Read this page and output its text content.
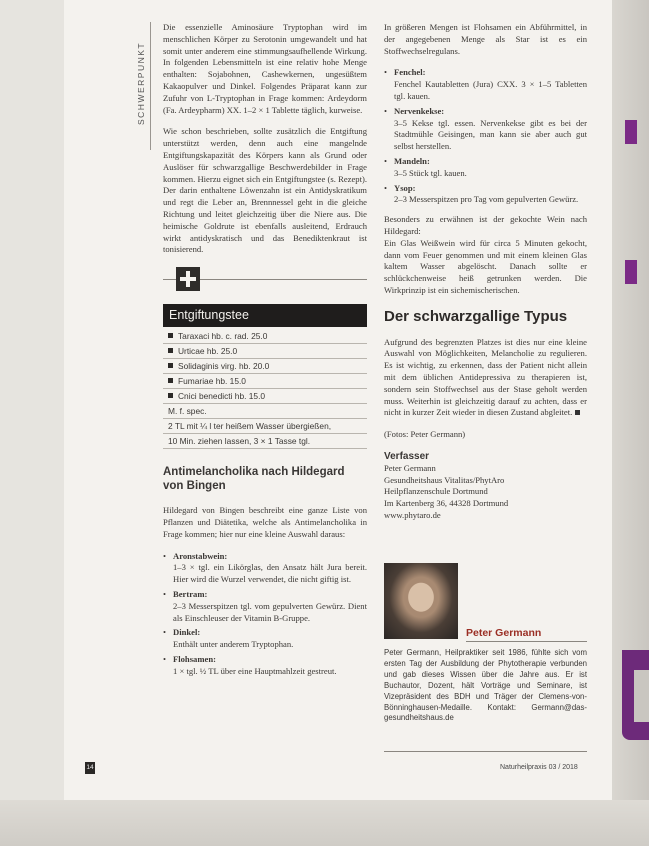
SCHWERPUNKT

Die essenzielle Aminosäure Tryptophan wird im menschlichen Körper zu Serotonin umgewandelt und hat somit unter anderem eine stimmungsaufhellende Wirkung. In folgenden Lebensmitteln ist eine relativ hohe Menge enthalten: Sojabohnen, Cashewkernen, ungesüßtem Kakaopulver und Dinkel. Folgendes Präparat kann zur Zufuhr von L-Tryptophan in Frage kommen: Ardeydorm (Fa. Ardeypharm) XX. 1–2 × 1 Tablette täglich, kurweise.

Wie schon beschrieben, sollte zusätzlich die Entgiftung unterstützt werden, denn auch eine mangelnde Entgiftungskapazität des Körpers kann als Grund oder Auslöser für schwarzgallige Beschwerdebilder in Frage kommen. Hierzu eignet sich ein Entgiftungstee (s. Rezept). Der darin enthaltene Löwenzahn ist ein Antidyskratikum und regt die Leber an, Brennnessel geht in die gleiche Richtung und leitet gleichzeitig über die Niere aus. Die heimische Goldrute ist ebenfalls ausleitend, Erdrauch wirkt antidyskratisch und das Benediktenkraut ist tonisierend.

Entgiftungstee
Taraxaci hb. c. rad. 25.0
Urticae hb. 25.0
Solidaginis virg. hb. 20.0
Fumariae hb. 15.0
Cnici benedicti hb. 15.0
M. f. spec.
2 TL mit ¼ l ter heißem Wasser übergießen,
10 Min. ziehen lassen, 3 × 1 Tasse tgl.
Antimelancholika nach Hildegard von Bingen

Hildegard von Bingen beschreibt eine ganze Liste von Pflanzen und Diätetika, welche als Antimelancholika in Frage kommen; hier nur eine kleine Auswahl daraus:

• Aronstabwein:
1–3 × tgl. ein Likörglas, den Ansatz hält Jura bereit. Hier wird die Wurzel verwendet, die nicht giftig ist.
• Bertram:
2–3 Messerspitzen tgl. vom gepulverten Gewürz. Dient als Einschleuser der Vitamin B-Gruppe.
• Dinkel:
Enthält unter anderem Tryptophan.
• Flohsamen:
1 × tgl. ½ TL über eine Hauptmahlzeit gestreut.

In größeren Mengen ist Flohsamen ein Abführmittel, in der angegebenen Menge als Star ist es ein Stoffwechselregulans.

• Fenchel:
Fenchel Kautabletten (Jura) CXX. 3 × 1–5 Tabletten tgl. kauen.
• Nervenkekse:
3–5 Kekse tgl. essen. Nervenkekse gibt es bei der Stadtmühle Geisingen, man kann sie aber auch gut selbst herstellen.
• Mandeln:
3–5 Stück tgl. kauen.
• Ysop:
2–3 Messerspitzen pro Tag vom gepulverten Gewürz.

Besonders zu erwähnen ist der gekochte Wein nach Hildegard:

Ein Glas Weißwein wird für circa 5 Minuten gekocht, dann vom Feuer genommen und mit einem kleinen Glas kaltem Wasser abgelöscht. Danach sollte er schlückchenweise heiß getrunken werden. Die Wirkprinzip ist ein sichemischerischen.

Der schwarzgallige Typus

Aufgrund des begrenzten Platzes ist dies nur eine kleine Auswahl von Möglichkeiten, Melancholie zu regulieren. Es ist wichtig, zu erkennen, dass der Patient nicht allein mit dem üblichen Antidepressiva zu therapieren ist, sondern sein Stoffwechsel aus der Stase geholt werden muss. Weiterhin ist gleichzeitig darauf zu achten, dass er nicht in kurzer Zeit wieder in diesen Zustand abgleitet.

(Fotos: Peter Germann)

Verfasser
Peter Germann
Gesundheitshaus Vitalitas/PhytAro
Heilpflanzenschule Dortmund
Im Kartenberg 36, 44328 Dortmund
www.phytaro.de
Peter Germann
Peter Germann, Heilpraktiker seit 1986, fühlte sich vom ersten Tag der Ausbildung der Phytotherapie verbunden und gab dieses Wissen über die Jahre aus. Er ist Buchautor, Dozent, hält Vorträge und Seminare, ist Vizepräsident des BDH und Träger der Clemens-von-Bönninghausen-Medaille. Kontakt: Germann@das-gesundheitshaus.de
14	Naturheilpraxis 03 / 2018
